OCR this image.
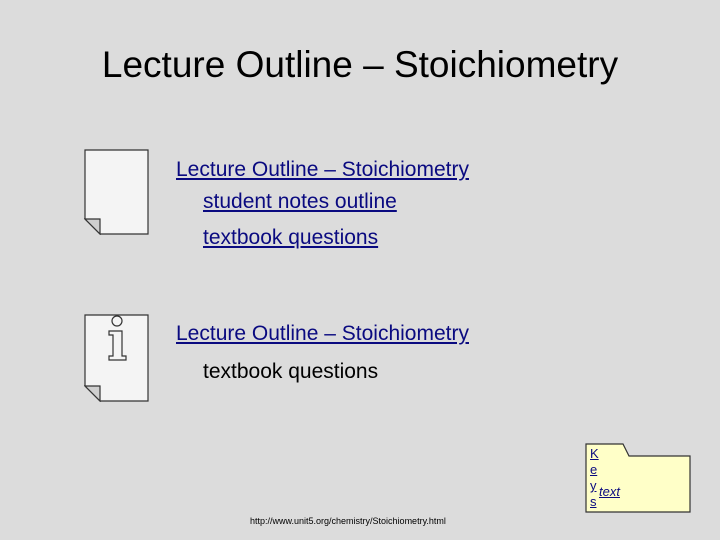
Lecture Outline – Stoichiometry
Lecture Outline – Stoichiometry
student notes outline
textbook questions
Lecture Outline – Stoichiometry
textbook questions
http://www.unit5.org/chemistry/Stoichiometry.html
K
e
y
s
text
